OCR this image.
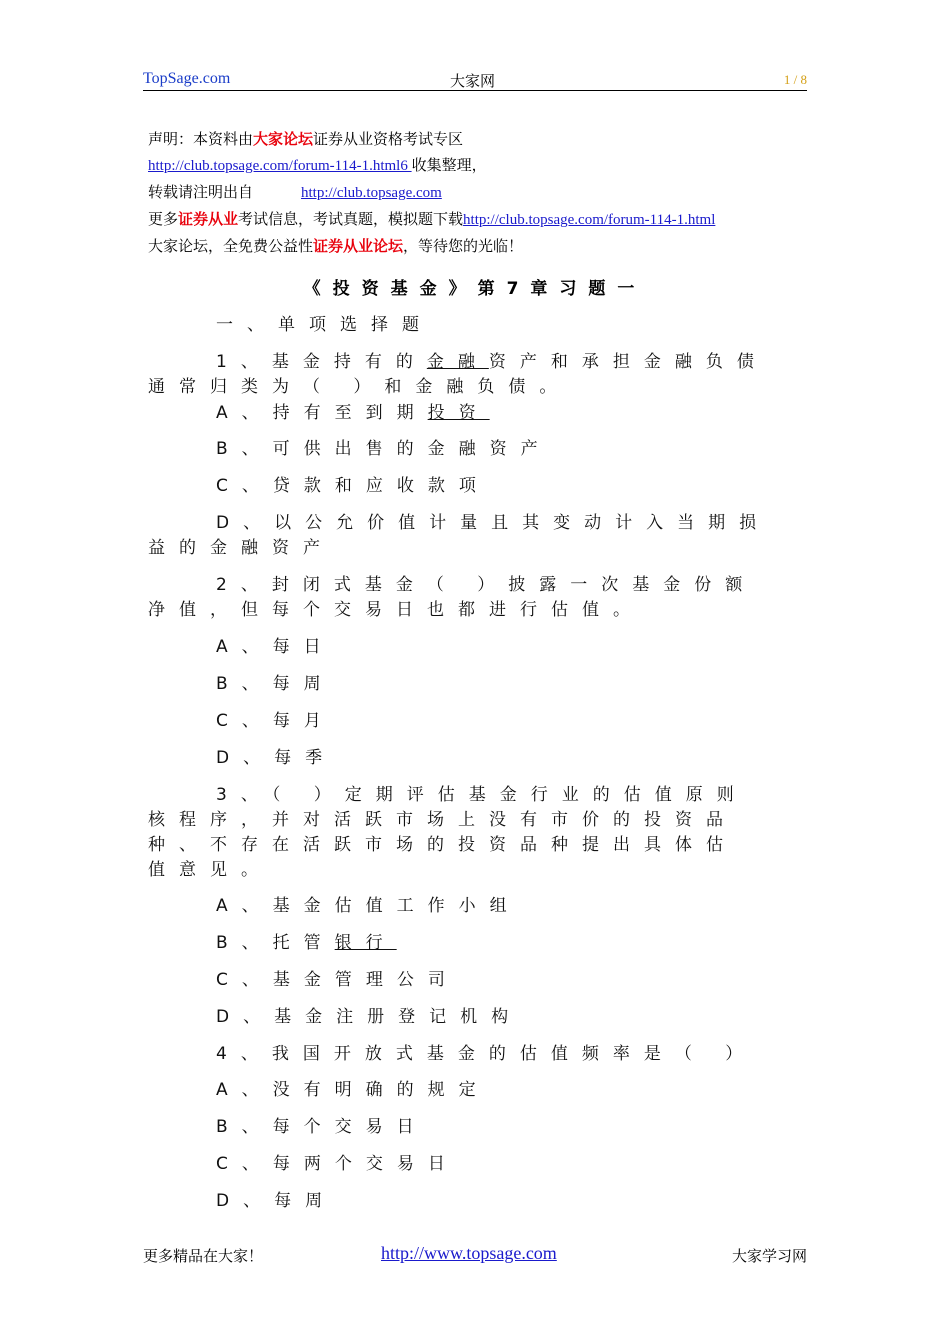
TopSage.com	大家网	1 / 8
声明：本资料由大家论坛证券从业资格考试专区
http://club.topsage.com/forum-114-1.html6 收集整理，
转载请注明出自	http://club.topsage.com
更多证券从业考试信息，考试真题，模拟题下载http://club.topsage.com/forum-114-1.html
大家论坛，全免费公益性证券从业论坛，等待您的光临！
《投资基金》第7章习题一
一、单项选择题
1、基金持有的金融资产和承担金融负债
通常归类为（ ）和金融负债。
A、持有至到期投资
B、可供出售的金融资产
C、贷款和应收款项
D、以公允价值计量且其变动计入当期损
益的金融资产
2、封闭式基金（ ）披露一次基金份额
净值，但每个交易日也都进行估值。
A、每日
B、每周
C、每月
D、每季
3、（ ）定期评估基金行业的估值原则
核程序，并对活跃市场上没有市价的投资品
种、不存在活跃市场的投资品种提出具体估
值意见。
A、基金估值工作小组
B、托管银行
C、基金管理公司
D、基金注册登记机构
4、我国开放式基金的估值频率是（ ）
A、没有明确的规定
B、每个交易日
C、每两个交易日
D、每周
更多精品在大家！	http://www.topsage.com	大家学习网
